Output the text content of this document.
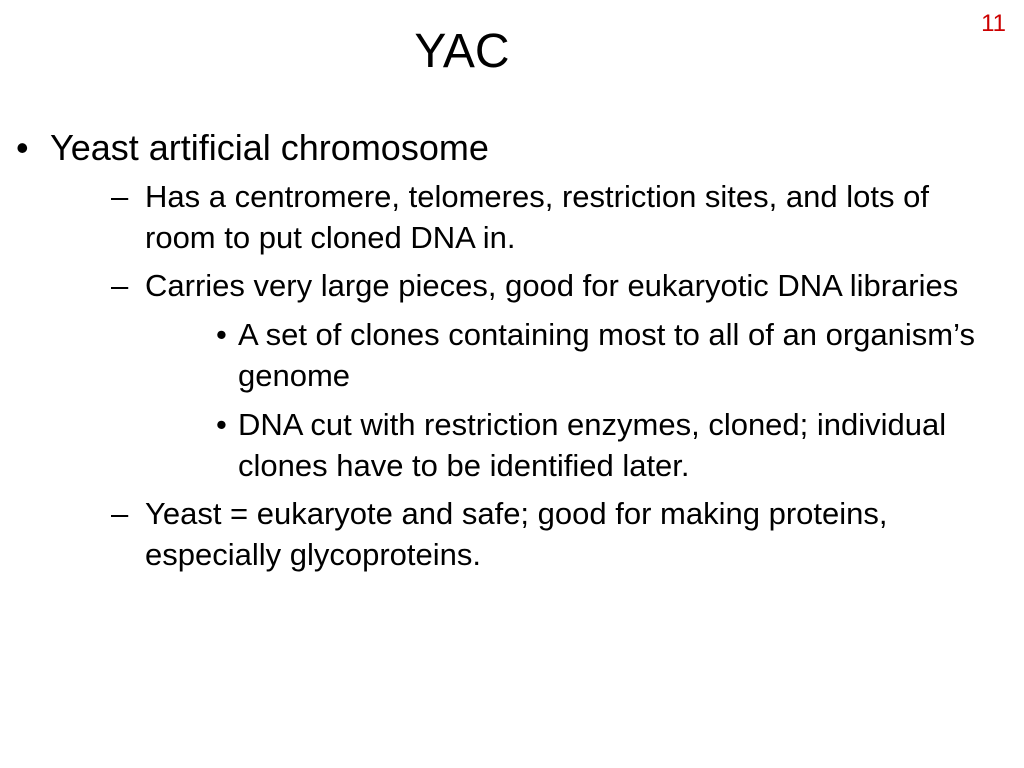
11
YAC
• Yeast artificial chromosome
– Has a centromere, telomeres, restriction sites, and lots of room to put cloned DNA in.
– Carries very large pieces, good for eukaryotic DNA libraries
• A set of clones containing most to all of an organism’s genome
• DNA cut with restriction enzymes, cloned; individual clones have to be identified later.
– Yeast = eukaryote and safe; good for making proteins, especially glycoproteins.
